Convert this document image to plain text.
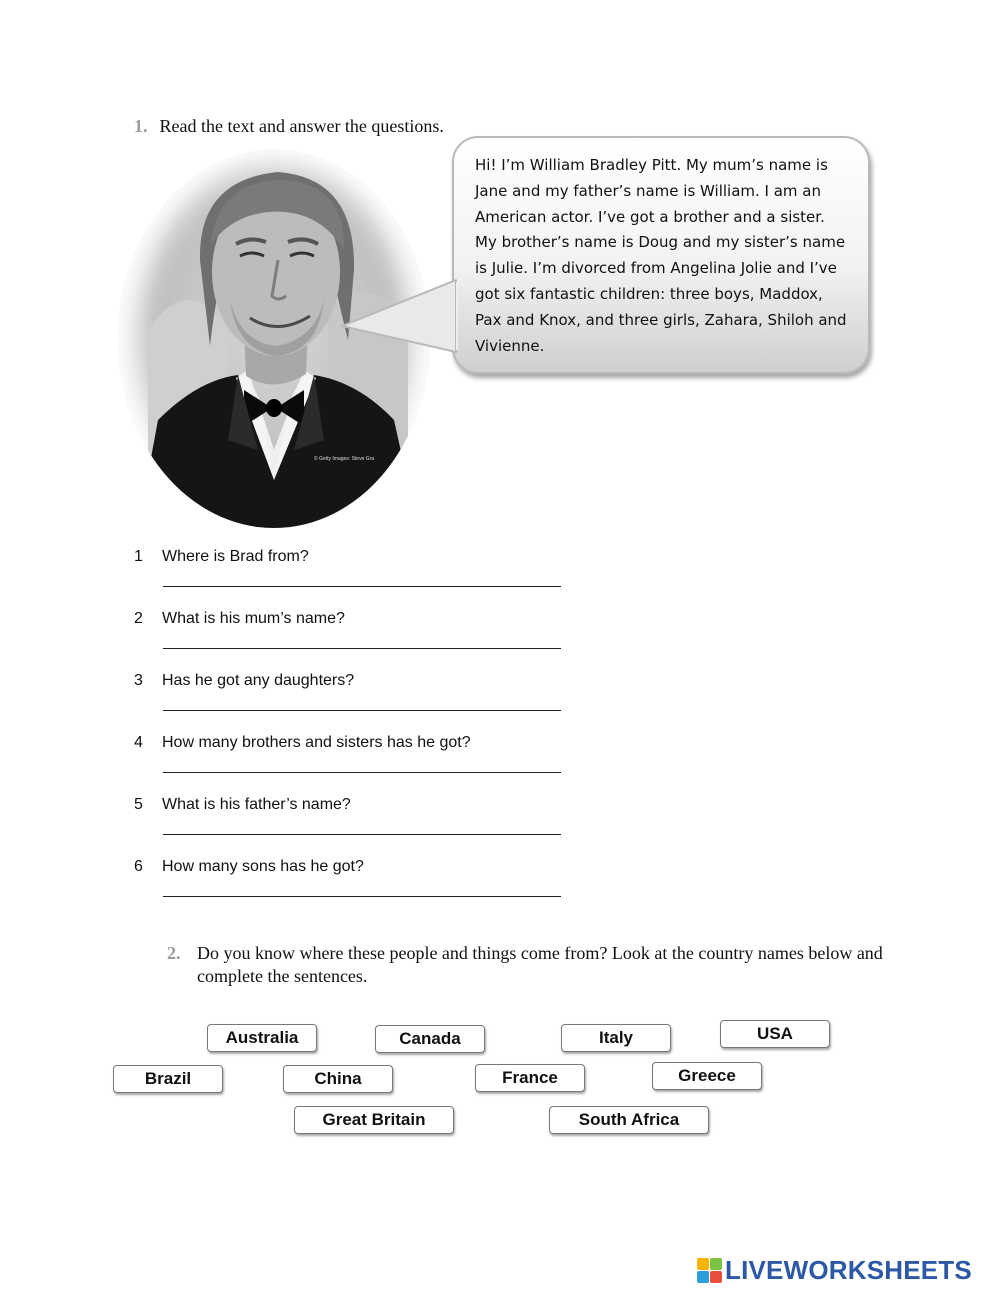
1. Read the text and answer the questions.
© Getty Images: Steve Gra
Hi! I’m William Bradley Pitt. My mum’s name is Jane and my father’s name is William. I am an American actor. I’ve got a brother and a sister. My brother’s name is Doug and my sister’s name is Julie. I’m divorced from Angelina Jolie and I’ve got six fantastic children: three boys, Maddox, Pax and Knox, and three girls, Zahara, Shiloh and Vivienne.
1 Where is Brad from?
2 What is his mum’s name?
3 Has he got any daughters?
4 How many brothers and sisters has he got?
5 What is his father’s name?
6 How many sons has he got?
2. Do you know where these people and things come from? Look at the country names below and complete the sentences.
Australia	Canada	Italy	USA
Brazil	China	France	Greece
Great Britain	South Africa
LIVEWORKSHEETS
